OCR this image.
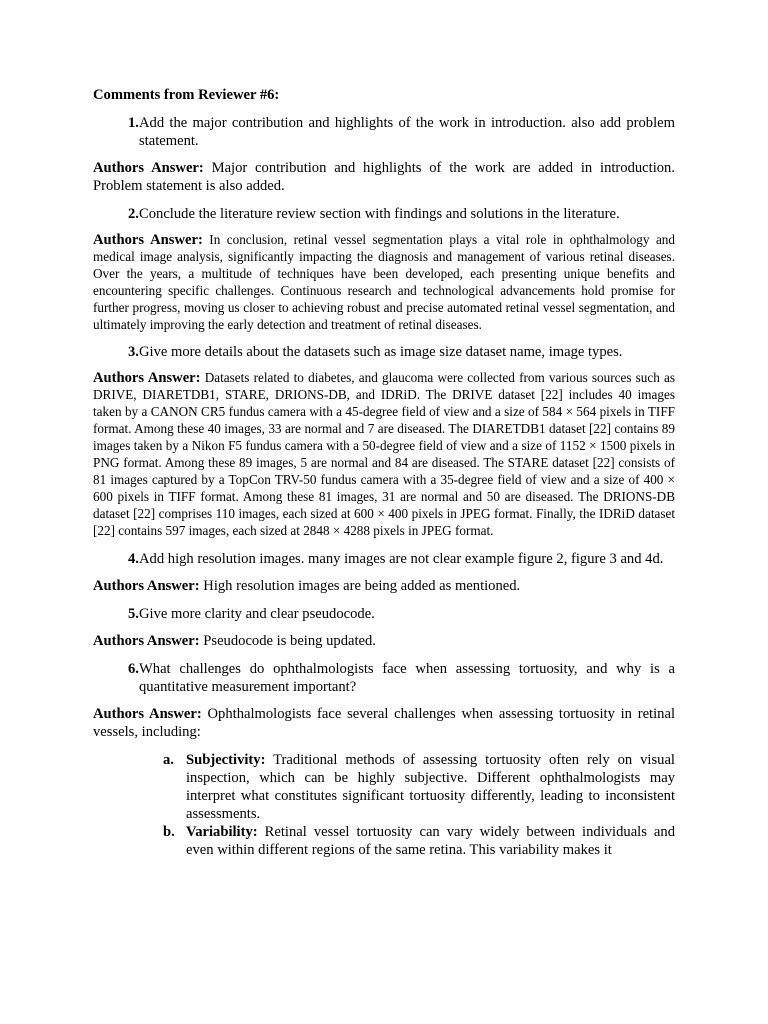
Comments from Reviewer #6:
1. Add the major contribution and highlights of the work in introduction. also add problem statement.

Authors Answer: Major contribution and highlights of the work are added in introduction. Problem statement is also added.

2. Conclude the literature review section with findings and solutions in the literature.

Authors Answer: In conclusion, retinal vessel segmentation plays a vital role in ophthalmology and medical image analysis, significantly impacting the diagnosis and management of various retinal diseases. Over the years, a multitude of techniques have been developed, each presenting unique benefits and encountering specific challenges. Continuous research and technological advancements hold promise for further progress, moving us closer to achieving robust and precise automated retinal vessel segmentation, and ultimately improving the early detection and treatment of retinal diseases.

3. Give more details about the datasets such as image size dataset name, image types.

Authors Answer: Datasets related to diabetes, and glaucoma were collected from various sources such as DRIVE, DIARETDB1, STARE, DRIONS-DB, and IDRiD. The DRIVE dataset [22] includes 40 images taken by a CANON CR5 fundus camera with a 45-degree field of view and a size of 584 × 564 pixels in TIFF format. Among these 40 images, 33 are normal and 7 are diseased. The DIARETDB1 dataset [22] contains 89 images taken by a Nikon F5 fundus camera with a 50-degree field of view and a size of 1152 × 1500 pixels in PNG format. Among these 89 images, 5 are normal and 84 are diseased. The STARE dataset [22] consists of 81 images captured by a TopCon TRV-50 fundus camera with a 35-degree field of view and a size of 400 × 600 pixels in TIFF format. Among these 81 images, 31 are normal and 50 are diseased. The DRIONS-DB dataset [22] comprises 110 images, each sized at 600 × 400 pixels in JPEG format. Finally, the IDRiD dataset [22] contains 597 images, each sized at 2848 × 4288 pixels in JPEG format.

4. Add high resolution images. many images are not clear example figure 2, figure 3 and 4d.

Authors Answer: High resolution images are being added as mentioned.

5. Give more clarity and clear pseudocode.

Authors Answer: Pseudocode is being updated.

6. What challenges do ophthalmologists face when assessing tortuosity, and why is a quantitative measurement important?

Authors Answer: Ophthalmologists face several challenges when assessing tortuosity in retinal vessels, including:

a. Subjectivity: Traditional methods of assessing tortuosity often rely on visual inspection, which can be highly subjective. Different ophthalmologists may interpret what constitutes significant tortuosity differently, leading to inconsistent assessments.
b. Variability: Retinal vessel tortuosity can vary widely between individuals and even within different regions of the same retina. This variability makes it
